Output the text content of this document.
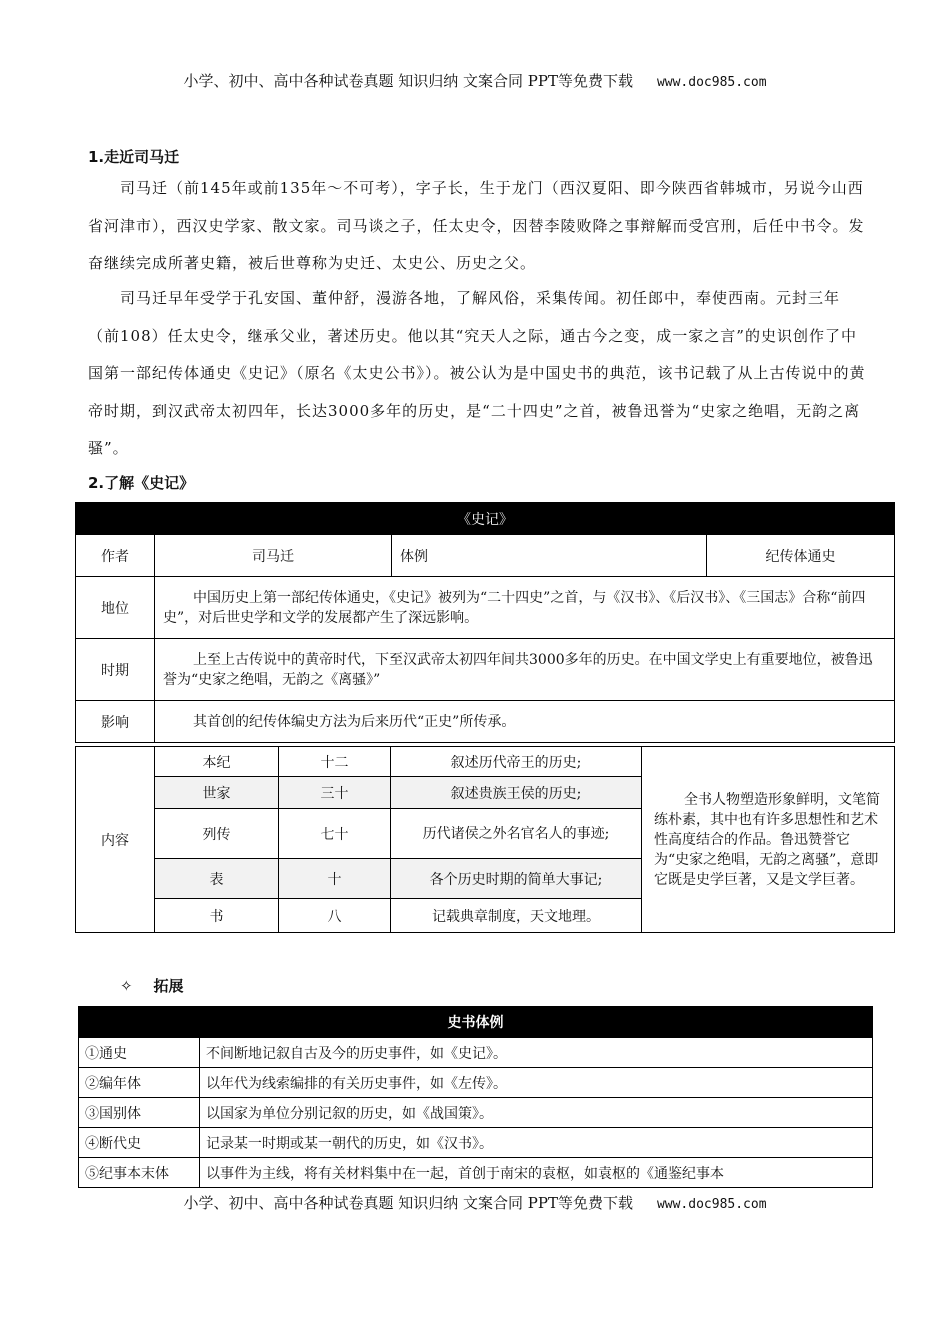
小学、初中、高中各种试卷真题 知识归纳 文案合同 PPT等免费下载 www.doc985.com
1.走近司马迁
司马迁（前145年或前135年～不可考），字子长，生于龙门（西汉夏阳、即今陕西省韩城市，另说今山西省河津市），西汉史学家、散文家。司马谈之子，任太史令，因替李陵败降之事辩解而受宫刑，后任中书令。发奋继续完成所著史籍，被后世尊称为史迁、太史公、历史之父。
司马迁早年受学于孔安国、董仲舒，漫游各地，了解风俗，采集传闻。初任郎中，奉使西南。元封三年（前108）任太史令，继承父业，著述历史。他以其“究天人之际，通古今之变，成一家之言”的史识创作了中国第一部纪传体通史《史记》（原名《太史公书》）。被公认为是中国史书的典范，该书记载了从上古传说中的黄帝时期，到汉武帝太初四年，长达3000多年的历史，是“二十四史”之首，被鲁迅誉为“史家之绝唱，无韵之离骚”。
2.了解《史记》
《史记》			
作者	司马迁	体例	纪传体通史
地位	中国历史上第一部纪传体通史，《史记》被列为“二十四史”之首，与《汉书》、《后汉书》、《三国志》合称“前四史”，对后世史学和文学的发展都产生了深远影响。		
时期	上至上古传说中的黄帝时代，下至汉武帝太初四年间共3000多年的历史。在中国文学史上有重要地位，被鲁迅誉为“史家之绝唱，无韵之《离骚》”		
影响	其首创的纪传体编史方法为后来历代“正史”所传承。		
内容	本纪	十二	叙述历代帝王的历史;	全书人物塑造形象鲜明，文笔简练朴素，其中也有许多思想性和艺术性高度结合的作品。鲁迅赞誉它为“史家之绝唱，无韵之离骚”，意即它既是史学巨著，又是文学巨著。
	世家	三十	叙述贵族王侯的历史;	
	列传	七十	历代诸侯之外名官名人的事迹;	
	表	十	各个历史时期的简单大事记;	
	书	八	记载典章制度，天文地理。	
✧ 拓展
史书体例	
①通史	不间断地记叙自古及今的历史事件，如《史记》。
②编年体	以年代为线索编排的有关历史事件，如《左传》。
③国别体	以国家为单位分别记叙的历史，如《战国策》。
④断代史	记录某一时期或某一朝代的历史，如《汉书》。
⑤纪事本末体	以事件为主线，将有关材料集中在一起，首创于南宋的袁枢，如袁枢的《通鉴纪事本
小学、初中、高中各种试卷真题 知识归纳 文案合同 PPT等免费下载 www.doc985.com
